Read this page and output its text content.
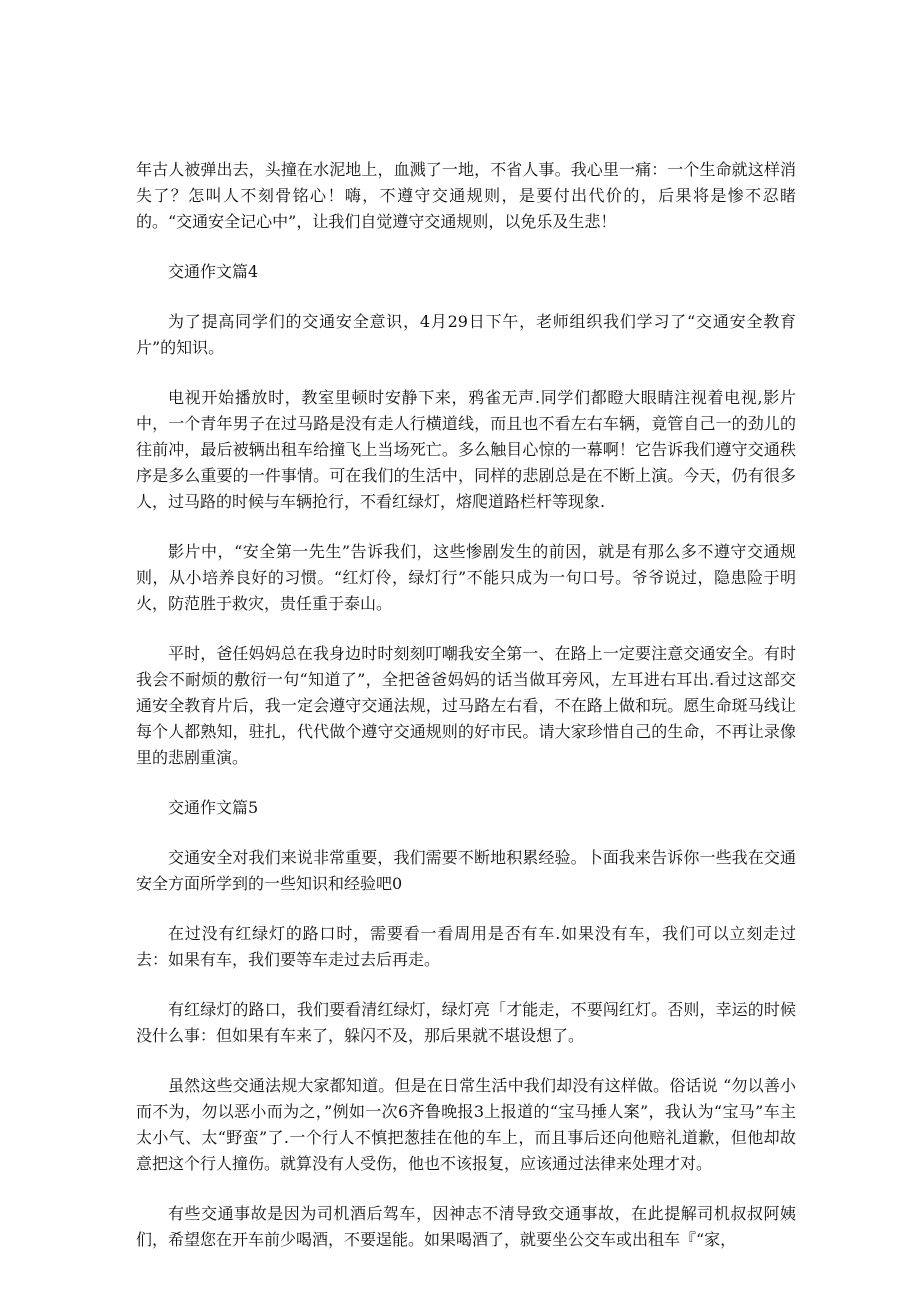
年古人被弹出去，头撞在水泥地上，血溅了一地，不省人事。我心里一痛：一个生命就这样消失了？怎叫人不刻骨铭心！嗨，不遵守交通规则，是要付出代价的，后果将是惨不忍睹的。“交通安全记心中”，让我们自觉遵守交通规则，以免乐及生悲！

交通作文篇4

为了提高同学们的交通安全意识，4月29日下午，老师组织我们学习了“交通安全教育片”的知识。

电视开始播放时，教室里顿时安静下来，鸦雀无声.同学们都瞪大眼睛注视着电视,影片中，一个青年男子在过马路是没有走人行横道线，而且也不看左右车辆，竟管自己一的劲儿的往前冲，最后被辆出租车给撞飞上当场死亡。多么触目心惊的一幕啊！它告诉我们遵守交通秩序是多么重要的一件事情。可在我们的生活中，同样的悲剧总是在不断上演。今天，仍有很多人，过马路的时候与车辆抢行，不看红绿灯，熔爬道路栏杆等现象.

影片中，“安全第一先生”告诉我们，这些惨剧发生的前因，就是有那么多不遵守交通规则，从小培养良好的习惯。“红灯伶，绿灯行”不能只成为一句口号。爷爷说过，隐患险于明火，防范胜于救灾，贵任重于泰山。

平时，爸任妈妈总在我身边时时刻刻叮嘲我安全第一、在路上一定要注意交通安全。有时我会不耐烦的敷衍一句“知道了”，全把爸爸妈妈的话当做耳旁风，左耳进右耳出.看过这部交通安全教育片后，我一定会遵守交通法规，过马路左右看，不在路上做和玩。愿生命斑马线让每个人都熟知，驻扎，代代做个遵守交通规则的好市民。请大家珍惜自己的生命，不再让录像里的悲剧重演。

交通作文篇5

交通安全对我们来说非常重要，我们需要不断地积累经验。卜面我来告诉你一些我在交通安全方面所学到的一些知识和经验吧0

在过没有红绿灯的路口时，需要看一看周用是否有车.如果没有车，我们可以立刻走过去：如果有车，我们要等车走过去后再走。

有红绿灯的路口，我们要看清红绿灯，绿灯亮「才能走，不要闯红灯。否则，幸运的时候没什么事：但如果有车来了，躲闪不及，那后果就不堪设想了。

虽然这些交通法规大家都知道。但是在日常生活中我们却没有这样做。俗话说 “勿以善小而不为，勿以恶小而为之，”例如一次6齐鲁晚报3上报道的“宝马捶人案”，我认为“宝马”车主太小气、太“野蛮”了.一个行人不慎把葱挂在他的车上，而且事后还向他赔礼道歉，但他却故意把这个行人撞伤。就算没有人受伤，他也不该报复，应该通过法律来处理才对。

有些交通事故是因为司机酒后驾车，因神志不清导致交通事故，在此提解司机叔叔阿姨们，希望您在开车前少喝酒，不要逞能。如果喝酒了，就要坐公交车或出租车『“家，
